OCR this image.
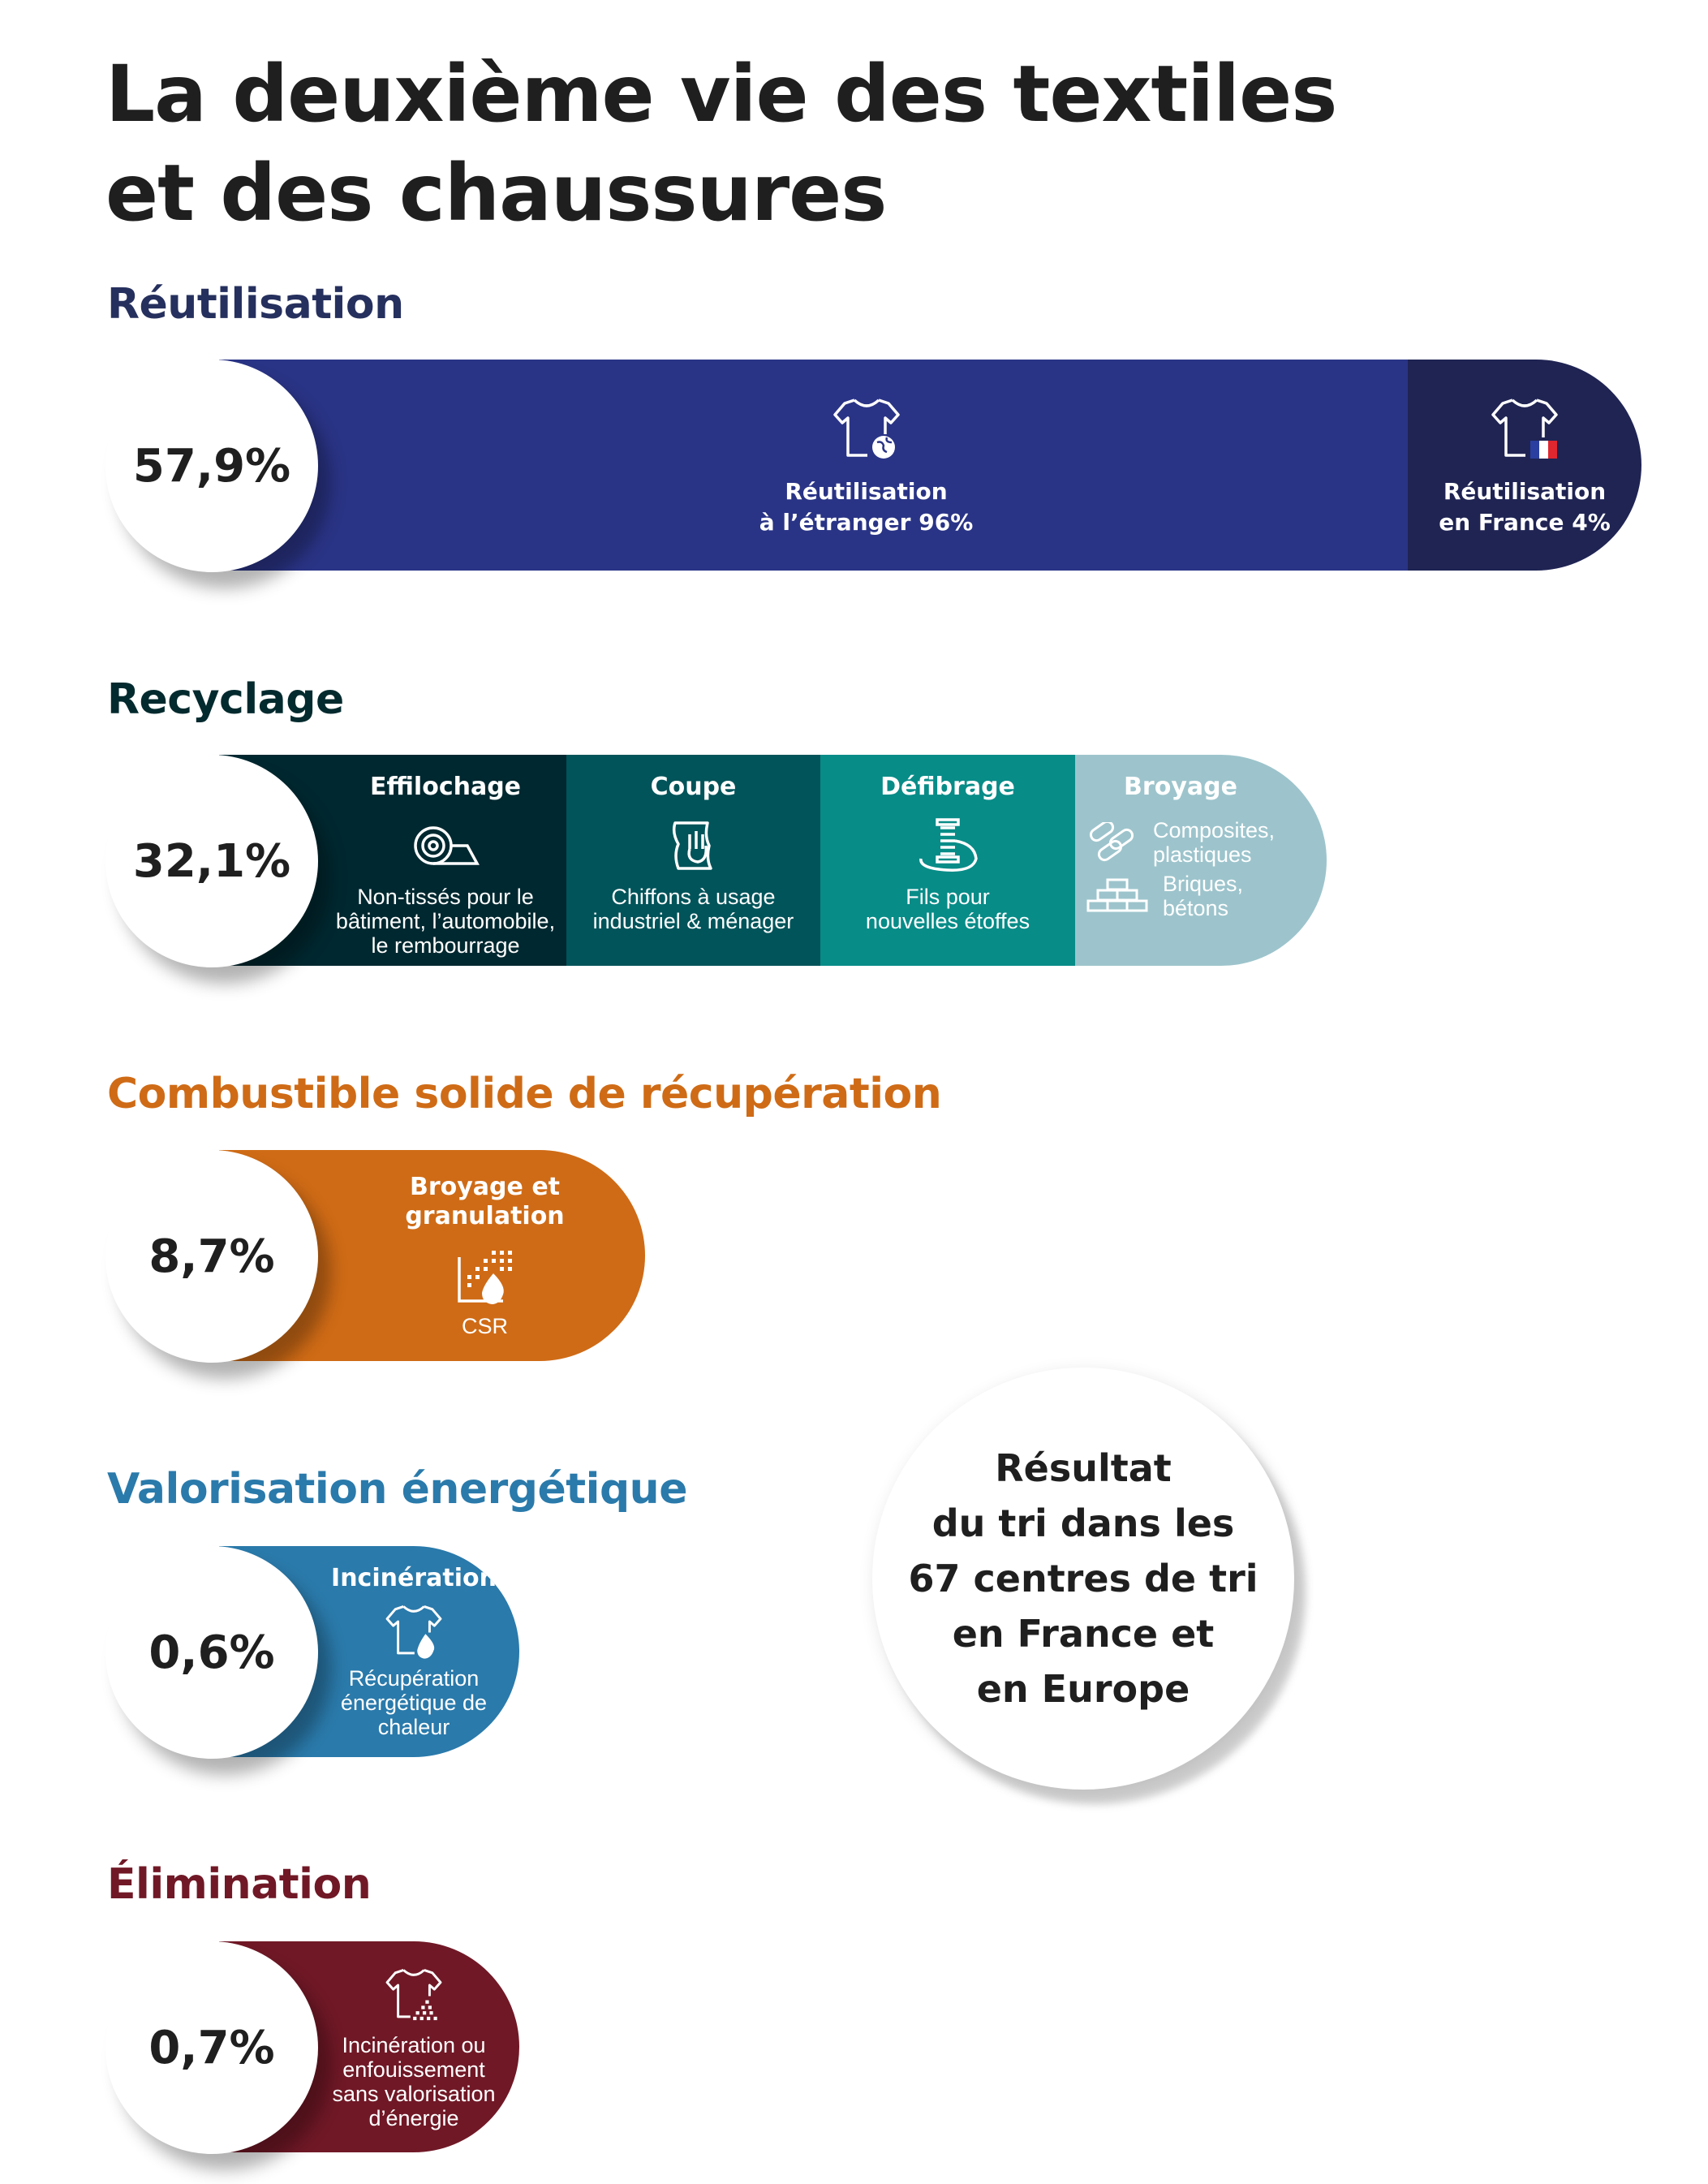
La deuxième vie des textiles
et des chaussures
Réutilisation
Réutilisation
à l’étranger 96%
Réutilisation
en France 4%
57,9%
Recyclage
Effilochage
Non-tissés pour le
bâtiment, l’automobile,
le rembourrage
Coupe
Chiffons à usage
industriel & ménager
Défibrage
Fils pour
nouvelles étoffes
Broyage
Composites,
plastiques
Briques,
bétons
32,1%
Combustible solide de récupération
Broyage et
granulation
CSR
8,7%
Valorisation énergétique
Incinération
Récupération
énergétique de
chaleur
0,6%
Élimination
Incinération ou
enfouissement
sans valorisation
d’énergie
0,7%
Résultat
du tri dans les
67 centres de tri
en France et
en Europe
